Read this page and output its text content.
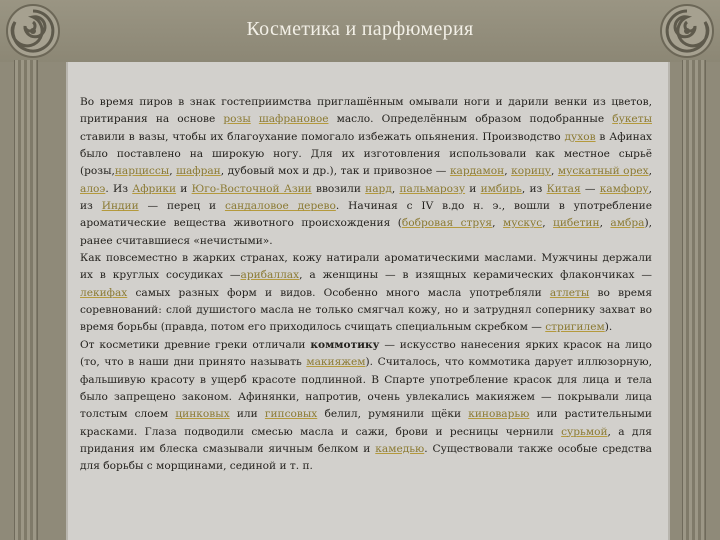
Косметика и парфюмерия

Во время пиров в знак гостеприимства приглашённым омывали ноги и дарили венки из цветов, притирания на основе розы шафрановое масло. Определённым образом подобранные букеты ставили в вазы, чтобы их благоухание помогало избежать опьянения. Производство духов в Афинах было поставлено на широкую ногу. Для их изготовления использовали как местное сырьё (розы,нарциссы, шафран, дубовый мох и др.), так и привозное — кардамон, корицу, мускатный орех, алоэ. Из Африки и Юго-Восточной Азии ввозили нард, пальмарозу и имбирь, из Китая — камфору, из Индии — перец и сандаловое дерево. Начиная с IV в.до н. э., вошли в употребление ароматические вещества животного происхождения (бобровая струя, мускус, цибетин, амбра), ранее считавшиеся «нечистыми».

Как повсеместно в жарких странах, кожу натирали ароматическими маслами. Мужчины держали их в круглых сосудиках —арибаллах, а женщины — в изящных керамических флакончиках — лекифах самых разных форм и видов. Особенно много масла употребляли атлеты во время соревнований: слой душистого масла не только смягчал кожу, но и затруднял сопернику захват во время борьбы (правда, потом его приходилось счищать специальным скребком — стригилем).

От косметики древние греки отличали коммотику — искусство нанесения ярких красок на лицо (то, что в наши дни принято называть макияжем). Считалось, что коммотика дарует иллюзорную, фальшивую красоту в ущерб красоте подлинной. В Спарте употребление красок для лица и тела было запрещено законом. Афинянки, напротив, очень увлекались макияжем — покрывали лица толстым слоем цинковых или гипсовых белил, румянили щёки киноварью или растительными красками. Глаза подводили смесью масла и сажи, брови и ресницы чернили сурьмой, а для придания им блеска смазывали яичным белком и камедью. Существовали также особые средства для борьбы с морщинами, сединой и т. п.
